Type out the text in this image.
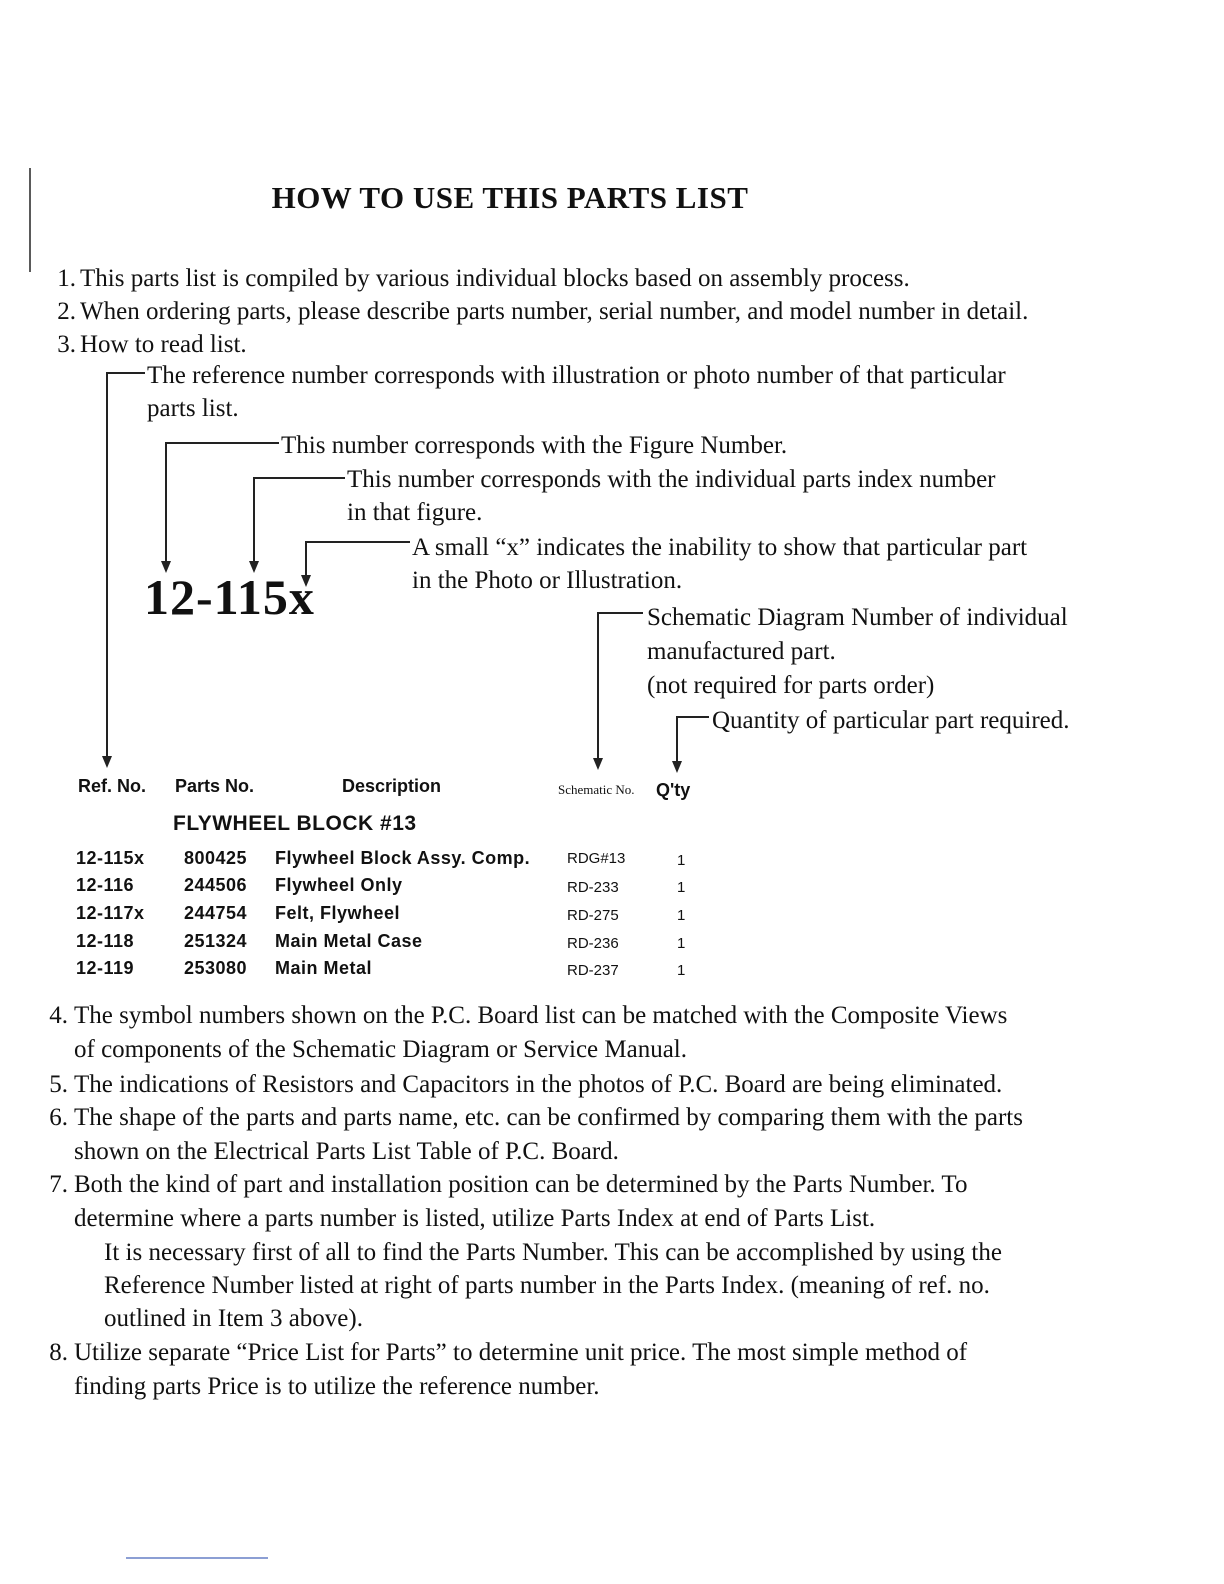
HOW TO USE THIS PARTS LIST
1. This parts list is compiled by various individual blocks based on assembly process.
2. When ordering parts, please describe parts number, serial number, and model number in detail.
3. How to read list.
The reference number corresponds with illustration or photo number of that particular
parts list.
This number corresponds with the Figure Number.
This number corresponds with the individual parts index number
in that figure.
A small “x” indicates the inability to show that particular part
in the Photo or Illustration.
12-115x	Schematic Diagram Number of individual
manufactured part.
(not required for parts order)
Quantity of particular part required.
Ref. No. Parts No.	Description	Schematic No. Q'ty
FLYWHEEL BLOCK #13
12-115x 800425 Flywheel Block Assy. Comp. RDG#13	1
12-116	244506 Flywheel Only	RD-233	1
12-117x 244754 Felt, Flywheel	RD-275	1
12-118	251324 Main Metal Case	RD-236	1
12-119	253080 Main Metal	RD-237	1
4. The symbol numbers shown on the P.C. Board list can be matched with the Composite Views
of components of the Schematic Diagram or Service Manual.
5. The indications of Resistors and Capacitors in the photos of P.C. Board are being eliminated.
6. The shape of the parts and parts name, etc. can be confirmed by comparing them with the parts
shown on the Electrical Parts List Table of P.C. Board.
7. Both the kind of part and installation position can be determined by the Parts Number. To
determine where a parts number is listed, utilize Parts Index at end of Parts List.
It is necessary first of all to find the Parts Number. This can be accomplished by using the
Reference Number listed at right of parts number in the Parts Index. (meaning of ref. no.
outlined in Item 3 above).
8. Utilize separate “Price List for Parts” to determine unit price. The most simple method of
finding parts Price is to utilize the reference number.
